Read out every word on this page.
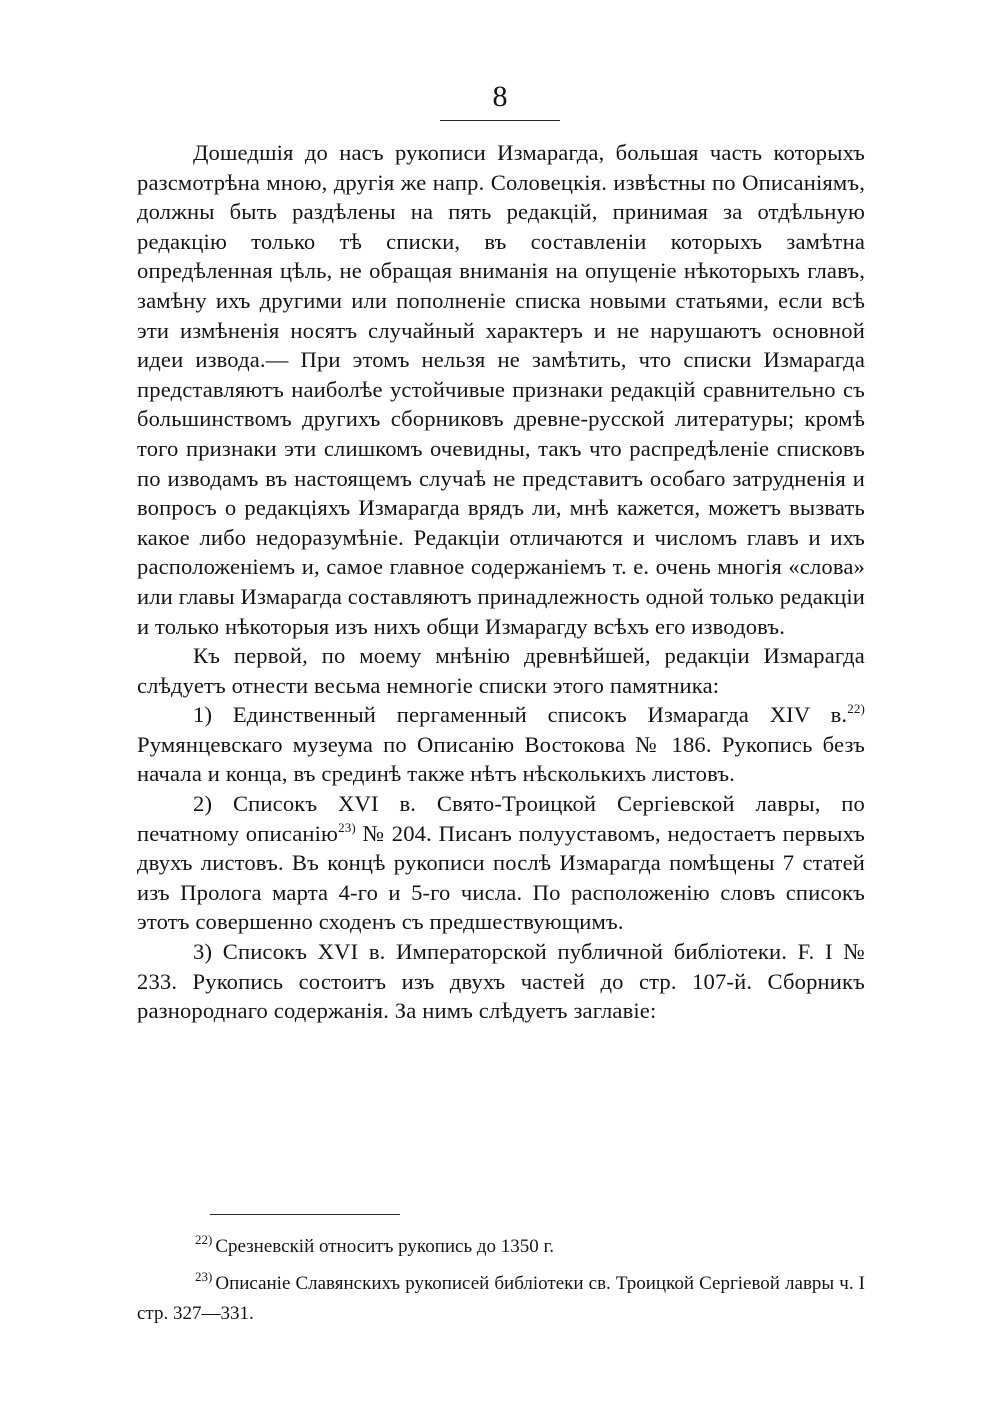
8

Дошедшія до насъ рукописи Измарагда, большая часть которыхъ разсмотрѣна мною, другія же напр. Соловецкія. извѣстны по Описаніямъ, должны быть раздѣлены на пять редакцій, принимая за отдѣльную редакцію только тѣ списки, въ составленіи которыхъ замѣтна опредѣленная цѣль, не обращая вниманія на опущеніе нѣкоторыхъ главъ, замѣну ихъ другими или пополненіе списка новыми статьями, если всѣ эти измѣненія носятъ случайный характеръ и не нарушаютъ основной идеи извода.— При этомъ нельзя не замѣтить, что списки Измарагда представляютъ наиболѣе устойчивые признаки редакцій сравнительно съ большинствомъ другихъ сборниковъ древне-русской литературы; кромѣ того признаки эти слишкомъ очевидны, такъ что распредѣленіе списковъ по изводамъ въ настоящемъ случаѣ не представитъ особаго затрудненія и вопросъ о редакціяхъ Измарагда врядъ ли, мнѣ кажется, можетъ вызвать какое либо недоразумѣніе. Редакціи отличаются и числомъ главъ и ихъ расположеніемъ и, самое главное содержаніемъ т. е. очень многія «слова» или главы Измарагда составляютъ принадлежность одной только редакціи и только нѣкоторыя изъ нихъ общи Измарагду всѣхъ его изводовъ.

Къ первой, по моему мнѣнію древнѣйшей, редакціи Измарагда слѣдуетъ отнести весьма немногіе списки этого памятника:

1) Единственный пергаменный списокъ Измарагда XIV в.$^{22)}$ Румянцевскаго музеума по Описанію Востокова № 186. Рукопись безъ начала и конца, въ срединѣ также нѣтъ нѣсколькихъ листовъ.

2) Списокъ XVI в. Свято-Троицкой Сергіевской лавры, по печатному описанію$^{23)}$ № 204. Писанъ полууставомъ, недостаетъ первыхъ двухъ листовъ. Въ концѣ рукописи послѣ Измарагда помѣщены 7 статей изъ Пролога марта 4-го и 5-го числа. По расположенію словъ списокъ этотъ совершенно сходенъ съ предшествующимъ.

3) Списокъ XVI в. Императорской публичной библіотеки. F. I № 233. Рукопись состоитъ изъ двухъ частей до стр. 107-й. Сборникъ разнороднаго содержанія. За нимъ слѣдуетъ заглавіе:

$^{22)}$ Срезневскій относитъ рукопись до 1350 г.

$^{23)}$ Описаніе Славянскихъ рукописей библіотеки св. Троицкой Сергіевой лавры ч. I стр. 327—331.
